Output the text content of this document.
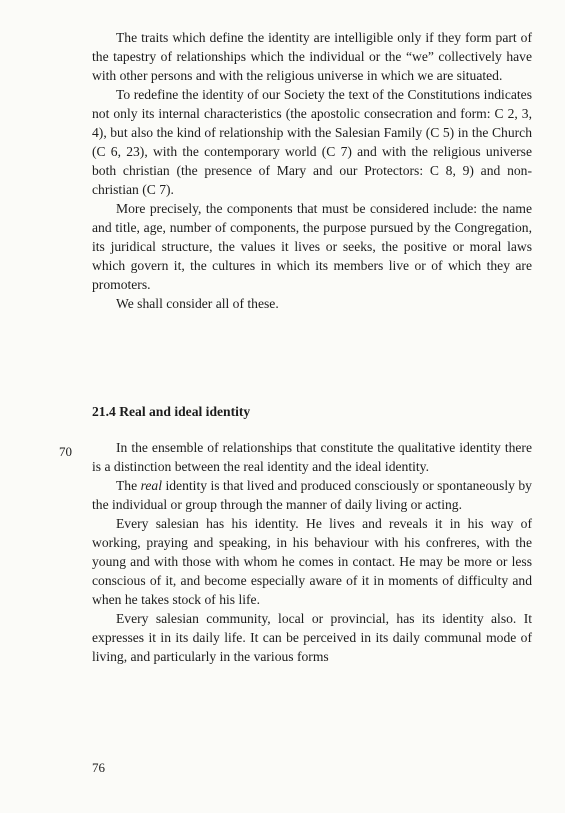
The traits which define the identity are intelligible only if they form part of the tapestry of relationships which the individual or the “we” collectively have with other persons and with the religious universe in which we are situated.

To redefine the identity of our Society the text of the Constitutions indicates not only its internal characteristics (the apostolic consecration and form: C 2, 3, 4), but also the kind of relationship with the Salesian Family (C 5) in the Church (C 6, 23), with the contemporary world (C 7) and with the religious universe both christian (the presence of Mary and our Protectors: C 8, 9) and non-christian (C 7).

More precisely, the components that must be considered include: the name and title, age, number of components, the purpose pursued by the Congregation, its juridical structure, the values it lives or seeks, the positive or moral laws which govern it, the cultures in which its members live or of which they are promoters.

We shall consider all of these.

21.4 Real and ideal identity
70	In the ensemble of relationships that constitute the qualitative identity there is a distinction between the real identity and the ideal identity.

The real identity is that lived and produced consciously or spontaneously by the individual or group through the manner of daily living or acting.

Every salesian has his identity. He lives and reveals it in his way of working, praying and speaking, in his behaviour with his confreres, with the young and with those with whom he comes in contact. He may be more or less conscious of it, and become especially aware of it in moments of difficulty and when he takes stock of his life.

Every salesian community, local or provincial, has its identity also. It expresses it in its daily life. It can be perceived in its daily communal mode of living, and particularly in the various forms

76
